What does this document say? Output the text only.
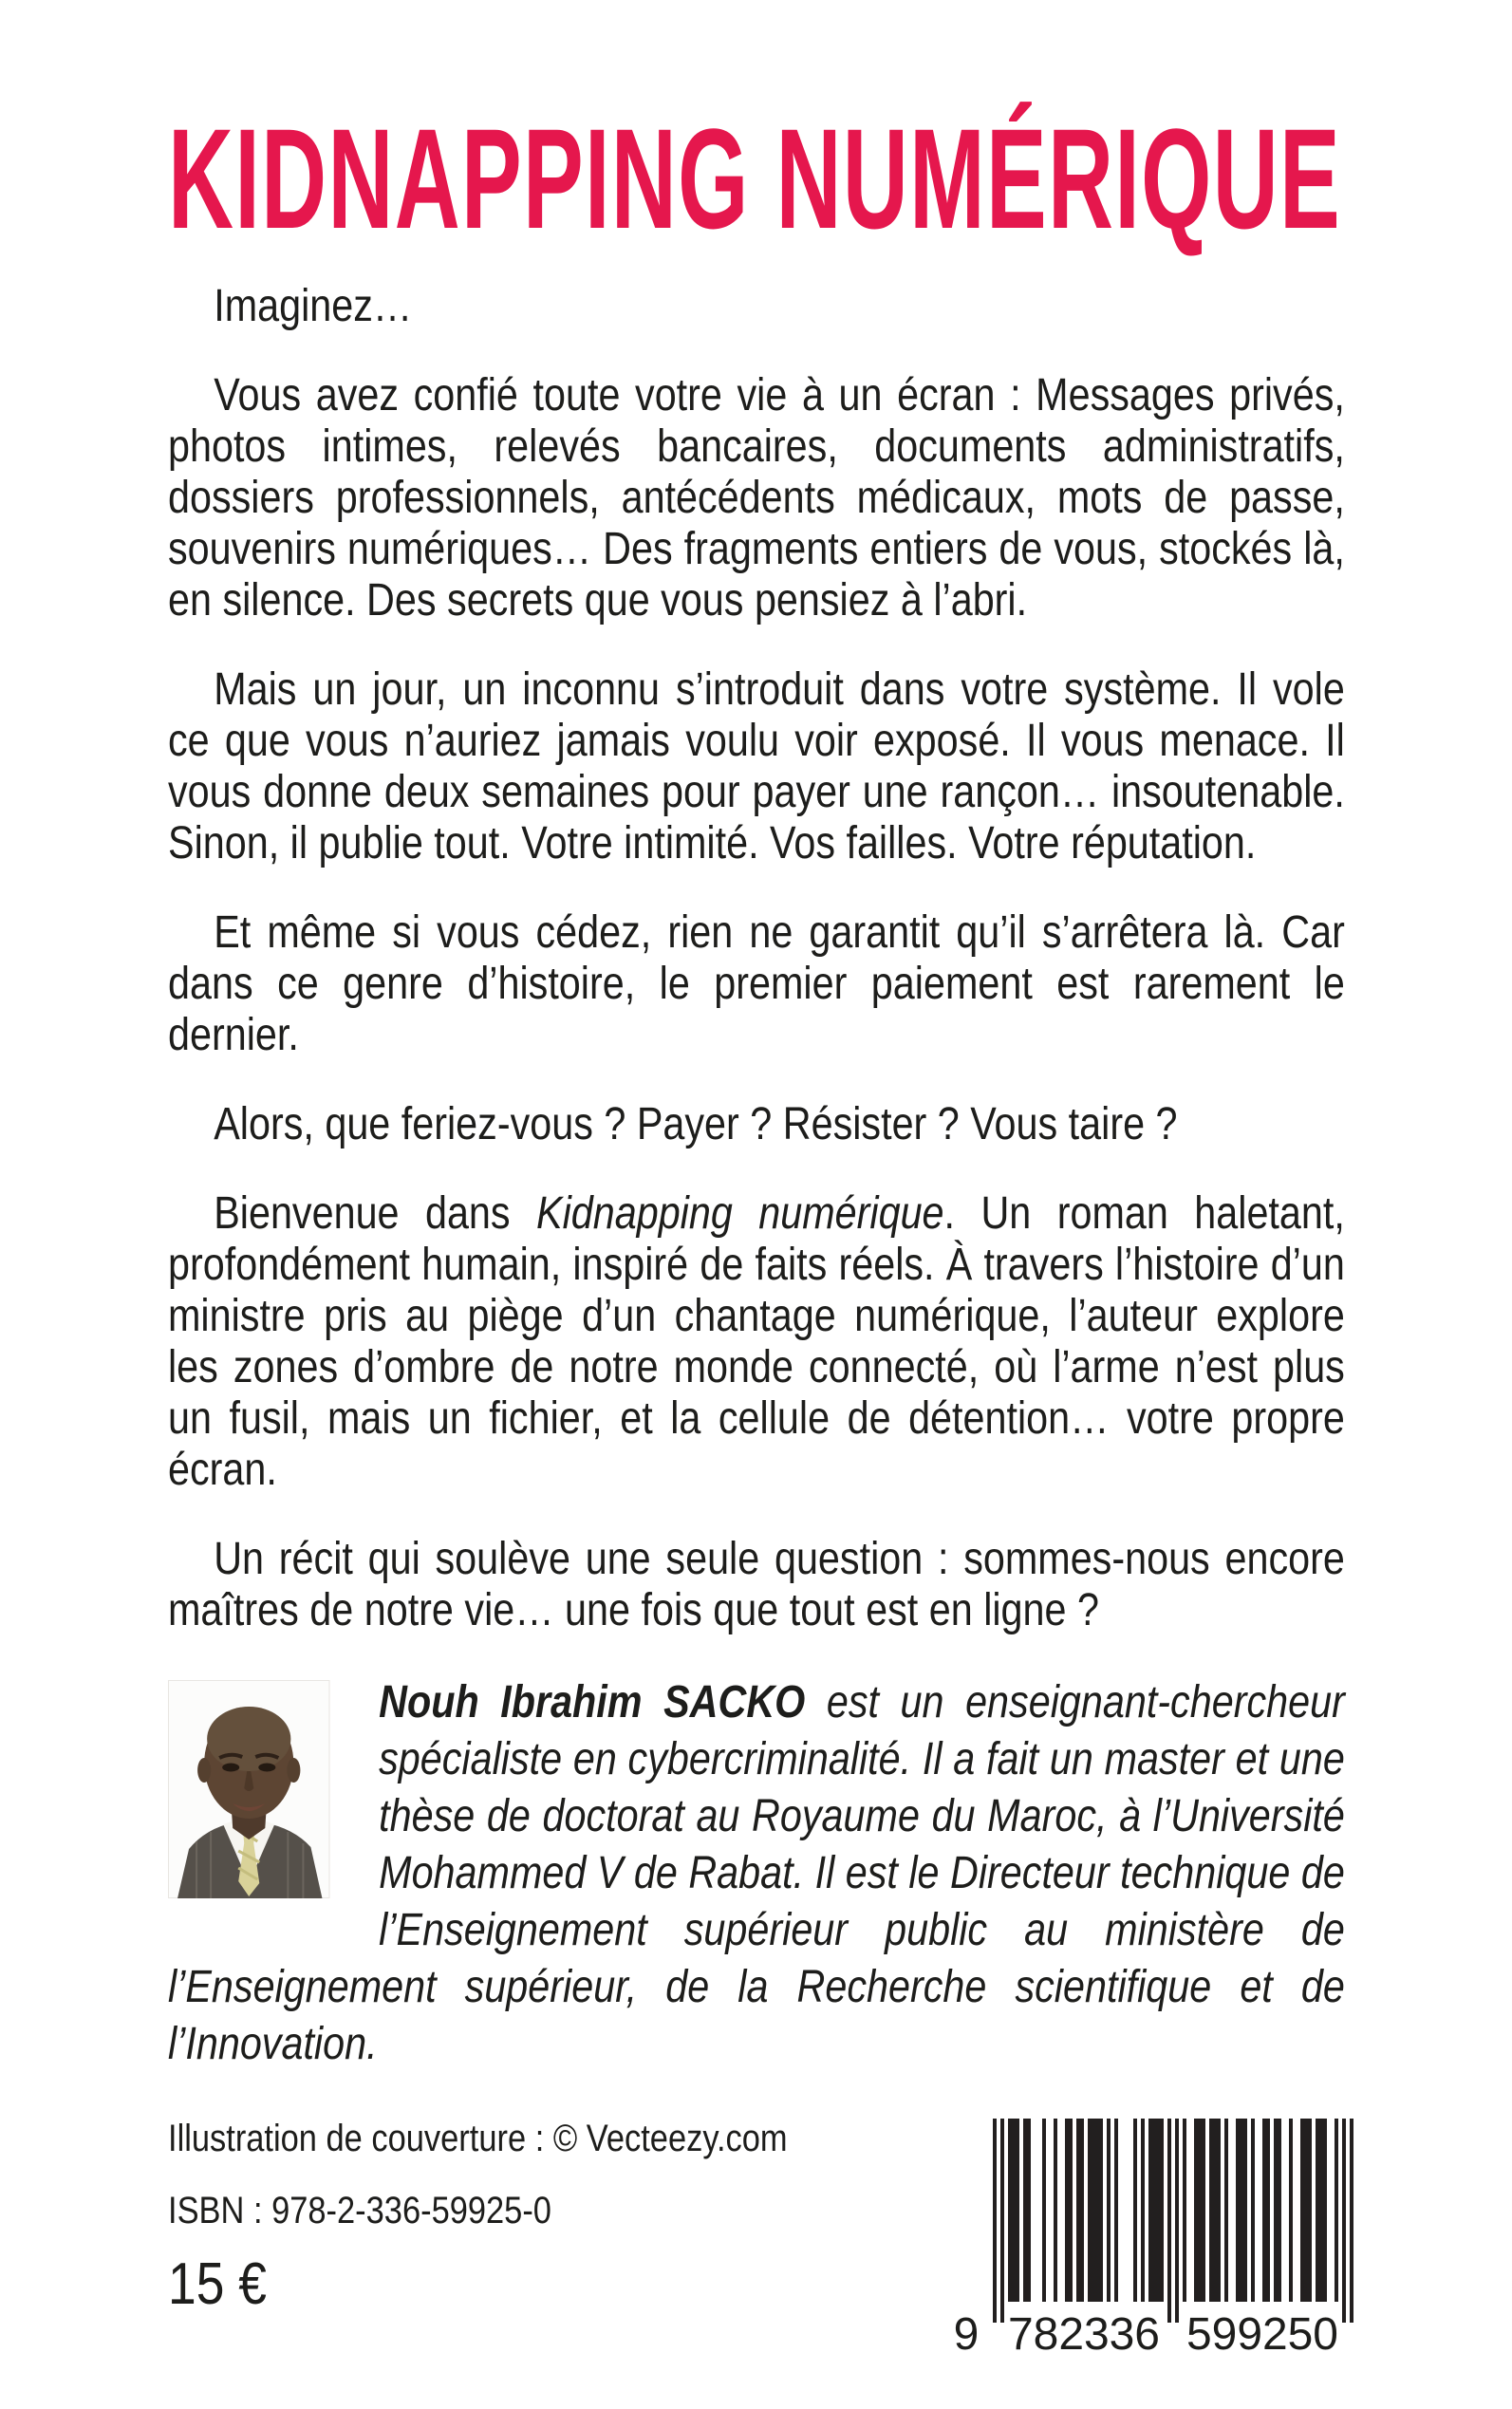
KIDNAPPING NUMÉRIQUE

Imaginez…

Vous avez confié toute votre vie à un écran : Messages privés, photos intimes, relevés bancaires, documents administratifs, dossiers professionnels, antécédents médicaux, mots de passe, souvenirs numériques… Des fragments entiers de vous, stockés là, en silence. Des secrets que vous pensiez à l’abri.

Mais un jour, un inconnu s’introduit dans votre système. Il vole ce que vous n’auriez jamais voulu voir exposé. Il vous menace. Il vous donne deux semaines pour payer une rançon… insoutenable. Sinon, il publie tout. Votre intimité. Vos failles. Votre réputation.

Et même si vous cédez, rien ne garantit qu’il s’arrêtera là. Car dans ce genre d’histoire, le premier paiement est rarement le dernier.

Alors, que feriez-vous ? Payer ? Résister ? Vous taire ?

Bienvenue dans Kidnapping numérique. Un roman haletant, profondément humain, inspiré de faits réels. À travers l’histoire d’un ministre pris au piège d’un chantage numérique, l’auteur explore les zones d’ombre de notre monde connecté, où l’arme n’est plus un fusil, mais un fichier, et la cellule de détention… votre propre écran.

Un récit qui soulève une seule question : sommes-nous encore maîtres de notre vie… une fois que tout est en ligne ?

Nouh Ibrahim SACKO est un enseignant-chercheur spécialiste en cybercriminalité. Il a fait un master et une thèse de doctorat au Royaume du Maroc, à l’Université Mohammed V de Rabat. Il est le Directeur technique de l’Enseignement supérieur public au ministère de l’Enseignement supérieur, de la Recherche scientifique et de l’Innovation.

Illustration de couverture : © Vecteezy.com

ISBN : 978-2-336-59925-0

15 €

9 782336 599250
